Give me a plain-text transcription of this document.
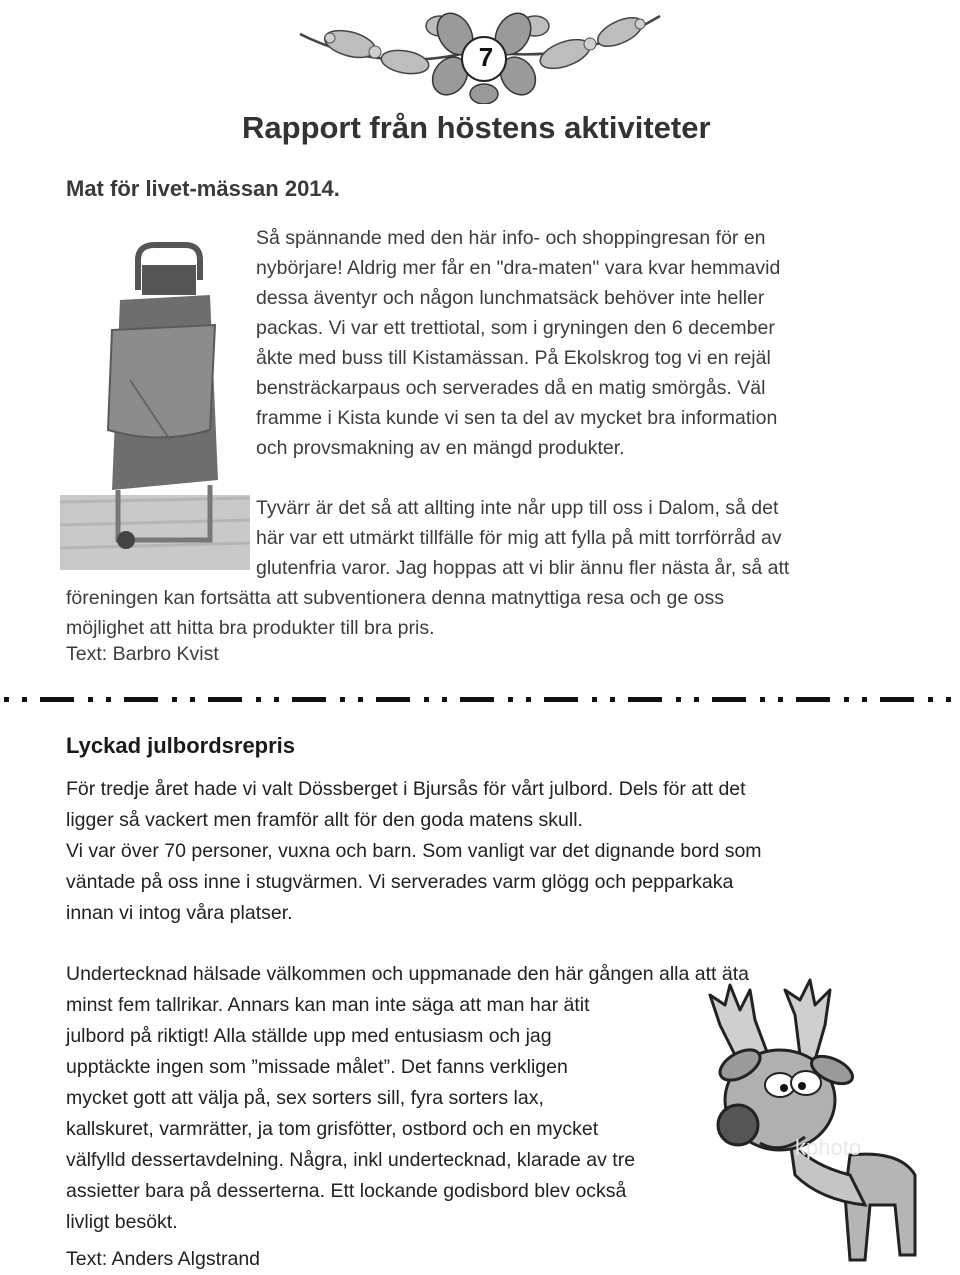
7
Rapport från höstens aktiviteter
Mat för livet-mässan 2014.
Så spännande med den här info- och shoppingresan för en
nybörjare! Aldrig mer får en "dra-maten" vara kvar hemmavid
dessa äventyr och någon lunchmatsäck behöver inte heller
packas. Vi var ett trettiotal, som i gryningen den 6 december
åkte med buss till Kistamässan. På Ekolskrog tog vi en rejäl
bensträckarpaus och serverades då en matig smörgås. Väl
framme i Kista kunde vi sen ta del av mycket bra information
och provsmakning av en mängd produkter.
Tyvärr är det så att allting inte når upp till oss i Dalom, så det
här var ett utmärkt tillfälle för mig att fylla på mitt torrförråd av
glutenfria varor. Jag hoppas att vi blir ännu fler nästa år, så att
föreningen kan fortsätta att subventionera denna matnyttiga resa och ge oss
möjlighet att hitta bra produkter till bra pris.
Text: Barbro Kvist
Lyckad julbordsrepris
För tredje året hade vi valt Dössberget i Bjursås för vårt julbord. Dels för att det
ligger så vackert men framför allt för den goda matens skull.
Vi var över 70 personer, vuxna och barn. Som vanligt var det dignande bord som
väntade på oss inne i stugvärmen. Vi serverades varm glögg och pepparkaka
innan vi intog våra platser.
Undertecknad hälsade välkommen och uppmanade den här gången alla att äta
minst fem tallrikar. Annars kan man inte säga att man har ätit
julbord på riktigt! Alla ställde upp med entusiasm och jag
upptäckte ingen som ”missade målet”. Det fanns verkligen
mycket gott att välja på, sex sorters sill, fyra sorters lax,
kallskuret, varmrätter, ja tom grisfötter, ostbord och en mycket
välfylld dessertavdelning. Några, inkl undertecknad, klarade av tre
assietter bara på desserterna. Ett lockande godisbord blev också
livligt besökt.
Text: Anders Algstrand
kphoto
